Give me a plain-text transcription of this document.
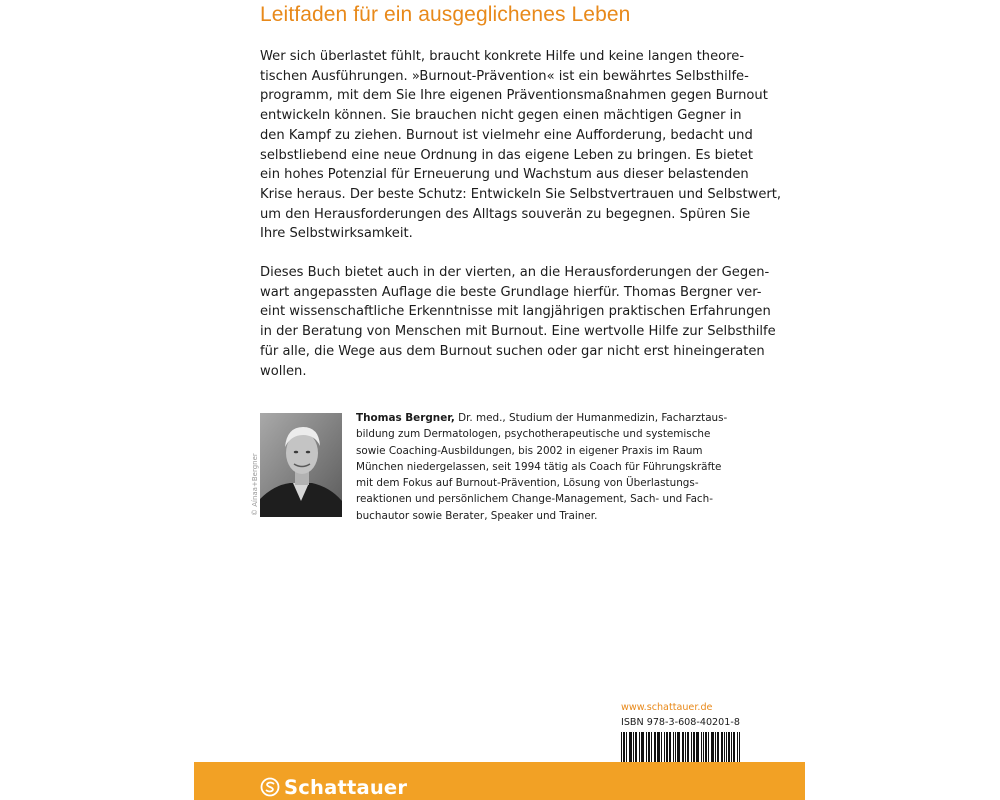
Leitfaden für ein ausgeglichenes Leben

Wer sich überlastet fühlt, braucht konkrete Hilfe und keine langen theore-
tischen Ausführungen. »Burnout-Prävention« ist ein bewährtes Selbsthilfe-
programm, mit dem Sie Ihre eigenen Präventionsmaßnahmen gegen Burnout
entwickeln können. Sie brauchen nicht gegen einen mächtigen Gegner in
den Kampf zu ziehen. Burnout ist vielmehr eine Aufforderung, bedacht und
selbstliebend eine neue Ordnung in das eigene Leben zu bringen. Es bietet
ein hohes Potenzial für Erneuerung und Wachstum aus dieser belastenden
Krise heraus. Der beste Schutz: Entwickeln Sie Selbstvertrauen und Selbstwert,
um den Herausforderungen des Alltags souverän zu begegnen. Spüren Sie
Ihre Selbstwirksamkeit.

Dieses Buch bietet auch in der vierten, an die Herausforderungen der Gegen-
wart angepassten Auflage die beste Grundlage hierfür. Thomas Bergner ver-
eint wissenschaftliche Erkenntnisse mit langjährigen praktischen Erfahrungen
in der Beratung von Menschen mit Burnout. Eine wertvolle Hilfe zur Selbsthilfe
für alle, die Wege aus dem Burnout suchen oder gar nicht erst hineingeraten
wollen.

© Aínaa+Bergner
Thomas Bergner, Dr. med., Studium der Humanmedizin, Facharztaus-
bildung zum Dermatologen, psychotherapeutische und systemische
sowie Coaching-Ausbildungen, bis 2002 in eigener Praxis im Raum
München niedergelassen, seit 1994 tätig als Coach für Führungskräfte
mit dem Fokus auf Burnout-Prävention, Lösung von Überlastungs-
reaktionen und persönlichem Change-Management, Sach- und Fach-
buchautor sowie Berater, Speaker und Trainer.
www.schattauer.de
ISBN 978-3-608-40201-8
Schattauer
